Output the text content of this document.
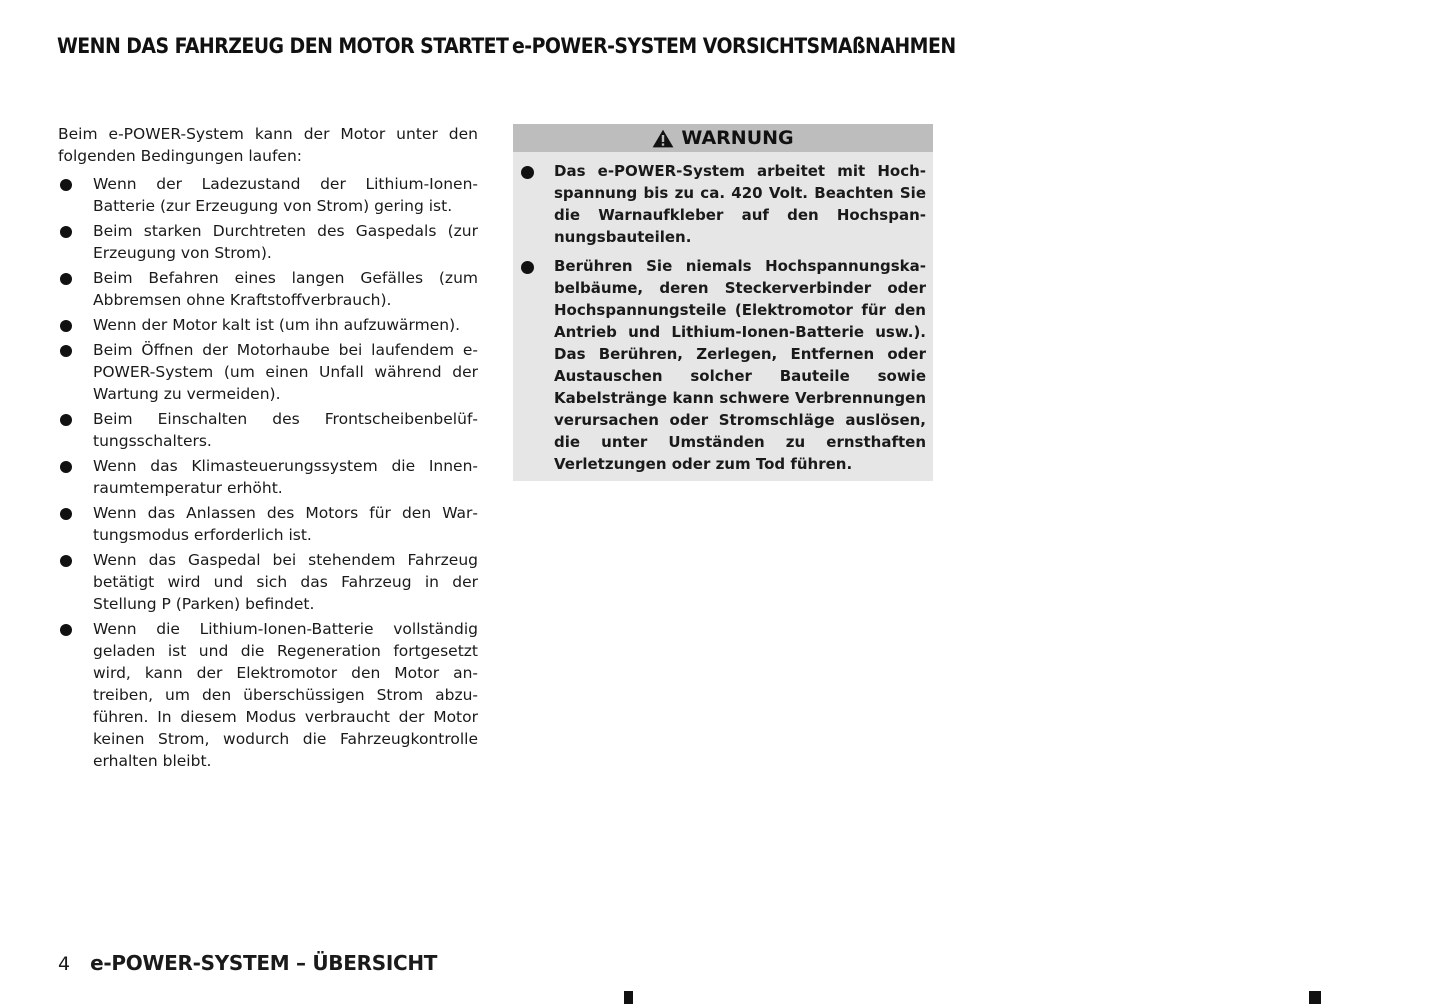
WENN DAS FAHRZEUG DEN MOTOR STARTET e-POWER-SYSTEM VORSICHTSMAßNAHMEN

Beim e-POWER-System kann der Motor unter den folgenden Bedingungen laufen:

Wenn der Ladezustand der Lithium-Ionen-Batterie (zur Erzeugung von Strom) gering ist.
Beim starken Durchtreten des Gaspedals (zur Erzeugung von Strom).
Beim Befahren eines langen Gefälles (zum Abbremsen ohne Kraftstoffverbrauch).
Wenn der Motor kalt ist (um ihn aufzuwärmen).
Beim Öffnen der Motorhaube bei laufendem e-POWER-System (um einen Unfall während der Wartung zu vermeiden).
Beim Einschalten des Frontscheibenbelüftungsschalters.
Wenn das Klimasteuerungssystem die Innenraumtemperatur erhöht.
Wenn das Anlassen des Motors für den Wartungsmodus erforderlich ist.
Wenn das Gaspedal bei stehendem Fahrzeug betätigt wird und sich das Fahrzeug in der Stellung P (Parken) befindet.
Wenn die Lithium-Ionen-Batterie vollständig geladen ist und die Regeneration fortgesetzt wird, kann der Elektromotor den Motor antreiben, um den überschüssigen Strom abzuführen. In diesem Modus verbraucht der Motor keinen Strom, wodurch die Fahrzeugkontrolle erhalten bleibt.
WARNUNG
Das e-POWER-System arbeitet mit Hochspannung bis zu ca. 420 Volt. Beachten Sie die Warnaufkleber auf den Hochspannungsbauteilen.
Berühren Sie niemals Hochspannungskabelbäume, deren Steckerverbinder oder Hochspannungsteile (Elektromotor für den Antrieb und Lithium-Ionen-Batterie usw.). Das Berühren, Zerlegen, Entfernen oder Austauschen solcher Bauteile sowie Kabelstränge kann schwere Verbrennungen verursachen oder Stromschläge auslösen, die unter Umständen zu ernsthaften Verletzungen oder zum Tod führen.
4 e-POWER-SYSTEM – ÜBERSICHT
